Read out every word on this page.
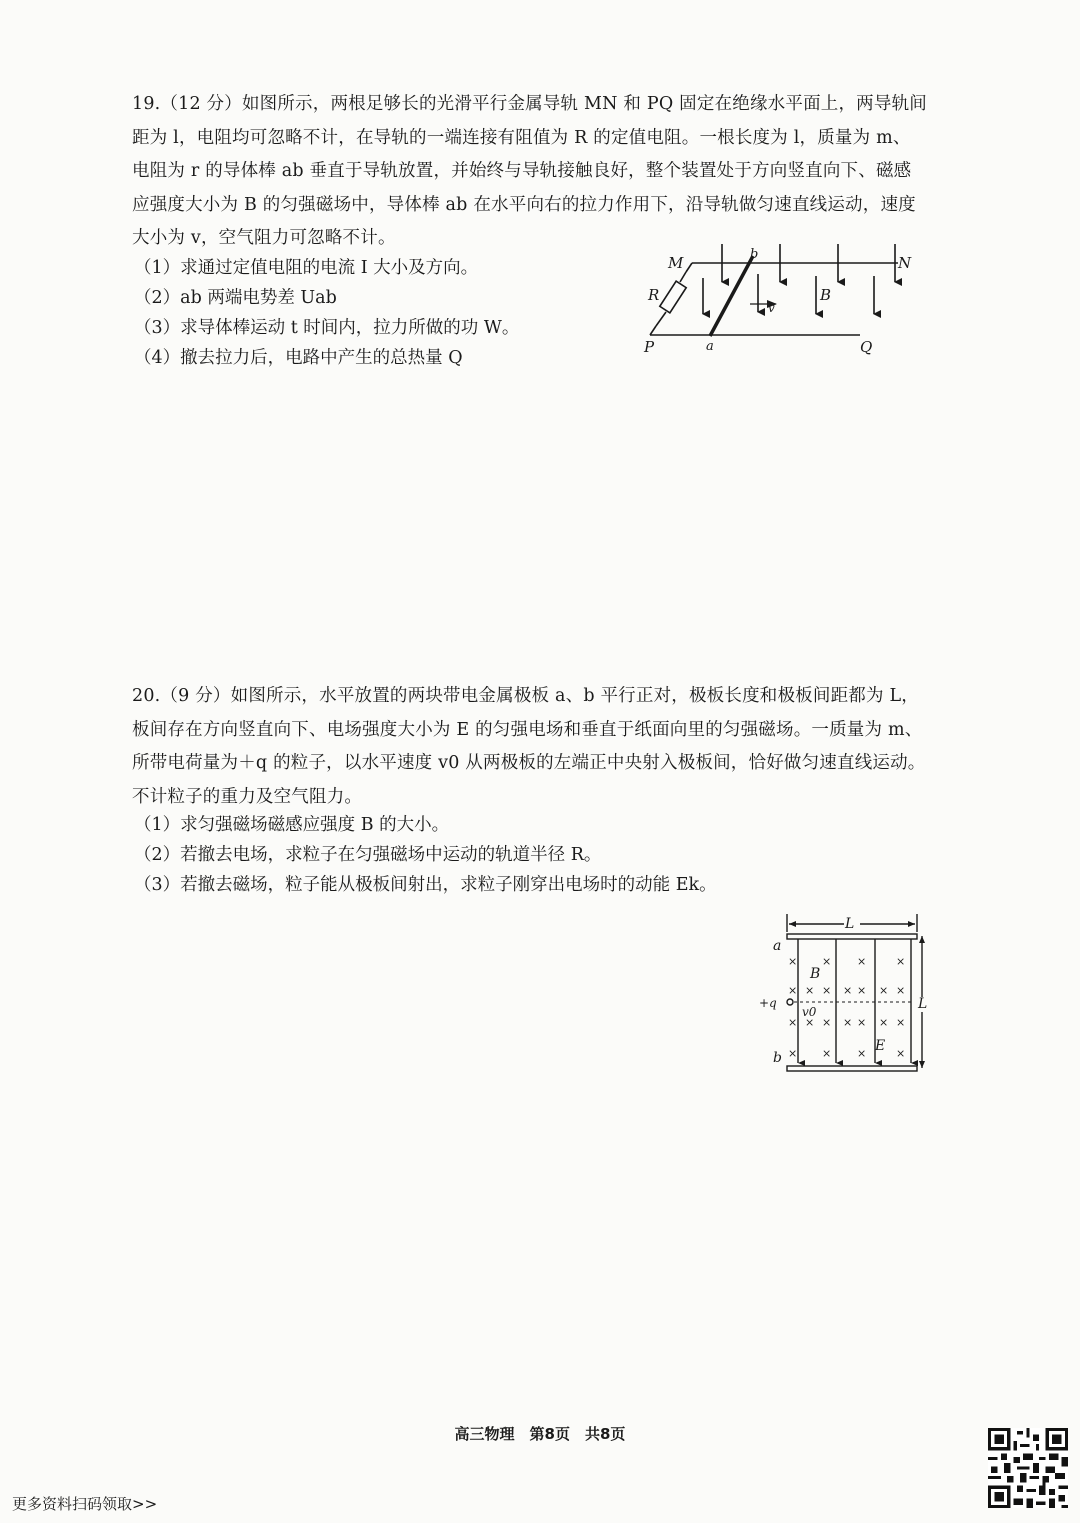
19.（12 分）如图所示，两根足够长的光滑平行金属导轨 MN 和 PQ 固定在绝缘水平面上，两导轨间

距为 l，电阻均可忽略不计，在导轨的一端连接有阻值为 R 的定值电阻。一根长度为 l，质量为 m、

电阻为 r 的导体棒 ab 垂直于导轨放置，并始终与导轨接触良好，整个装置处于方向竖直向下、磁感

应强度大小为 B 的匀强磁场中，导体棒 ab 在水平向右的拉力作用下，沿导轨做匀速直线运动，速度

大小为 v，空气阻力可忽略不计。

（1）求通过定值电阻的电流 I 大小及方向。

（2）ab 两端电势差 Uab

（3）求导体棒运动 t 时间内，拉力所做的功 W。

（4）撤去拉力后，电路中产生的总热量 Q

M	N
P	Q
R
a
b
B
v

20.（9 分）如图所示，水平放置的两块带电金属极板 a、b 平行正对，极板长度和极板间距都为 L，

板间存在方向竖直向下、电场强度大小为 E 的匀强电场和垂直于纸面向里的匀强磁场。一质量为 m、

所带电荷量为＋q 的粒子，以水平速度 v0 从两极板的左端正中央射入极板间，恰好做匀速直线运动。

不计粒子的重力及空气阻力。

（1）求匀强磁场磁感应强度 B 的大小。

（2）若撤去电场，求粒子在匀强磁场中运动的轨道半径 R。

（3）若撤去磁场，粒子能从极板间射出，求粒子刚穿出电场时的动能 Ek。

× × ×	×
× × ×	×
×	× ×
× × ×	×
× × ×	×
×	× ×
L
L
a
b
B
E
+q
v0
高三物理　第8页　共8页
更多资料扫码领取>>
